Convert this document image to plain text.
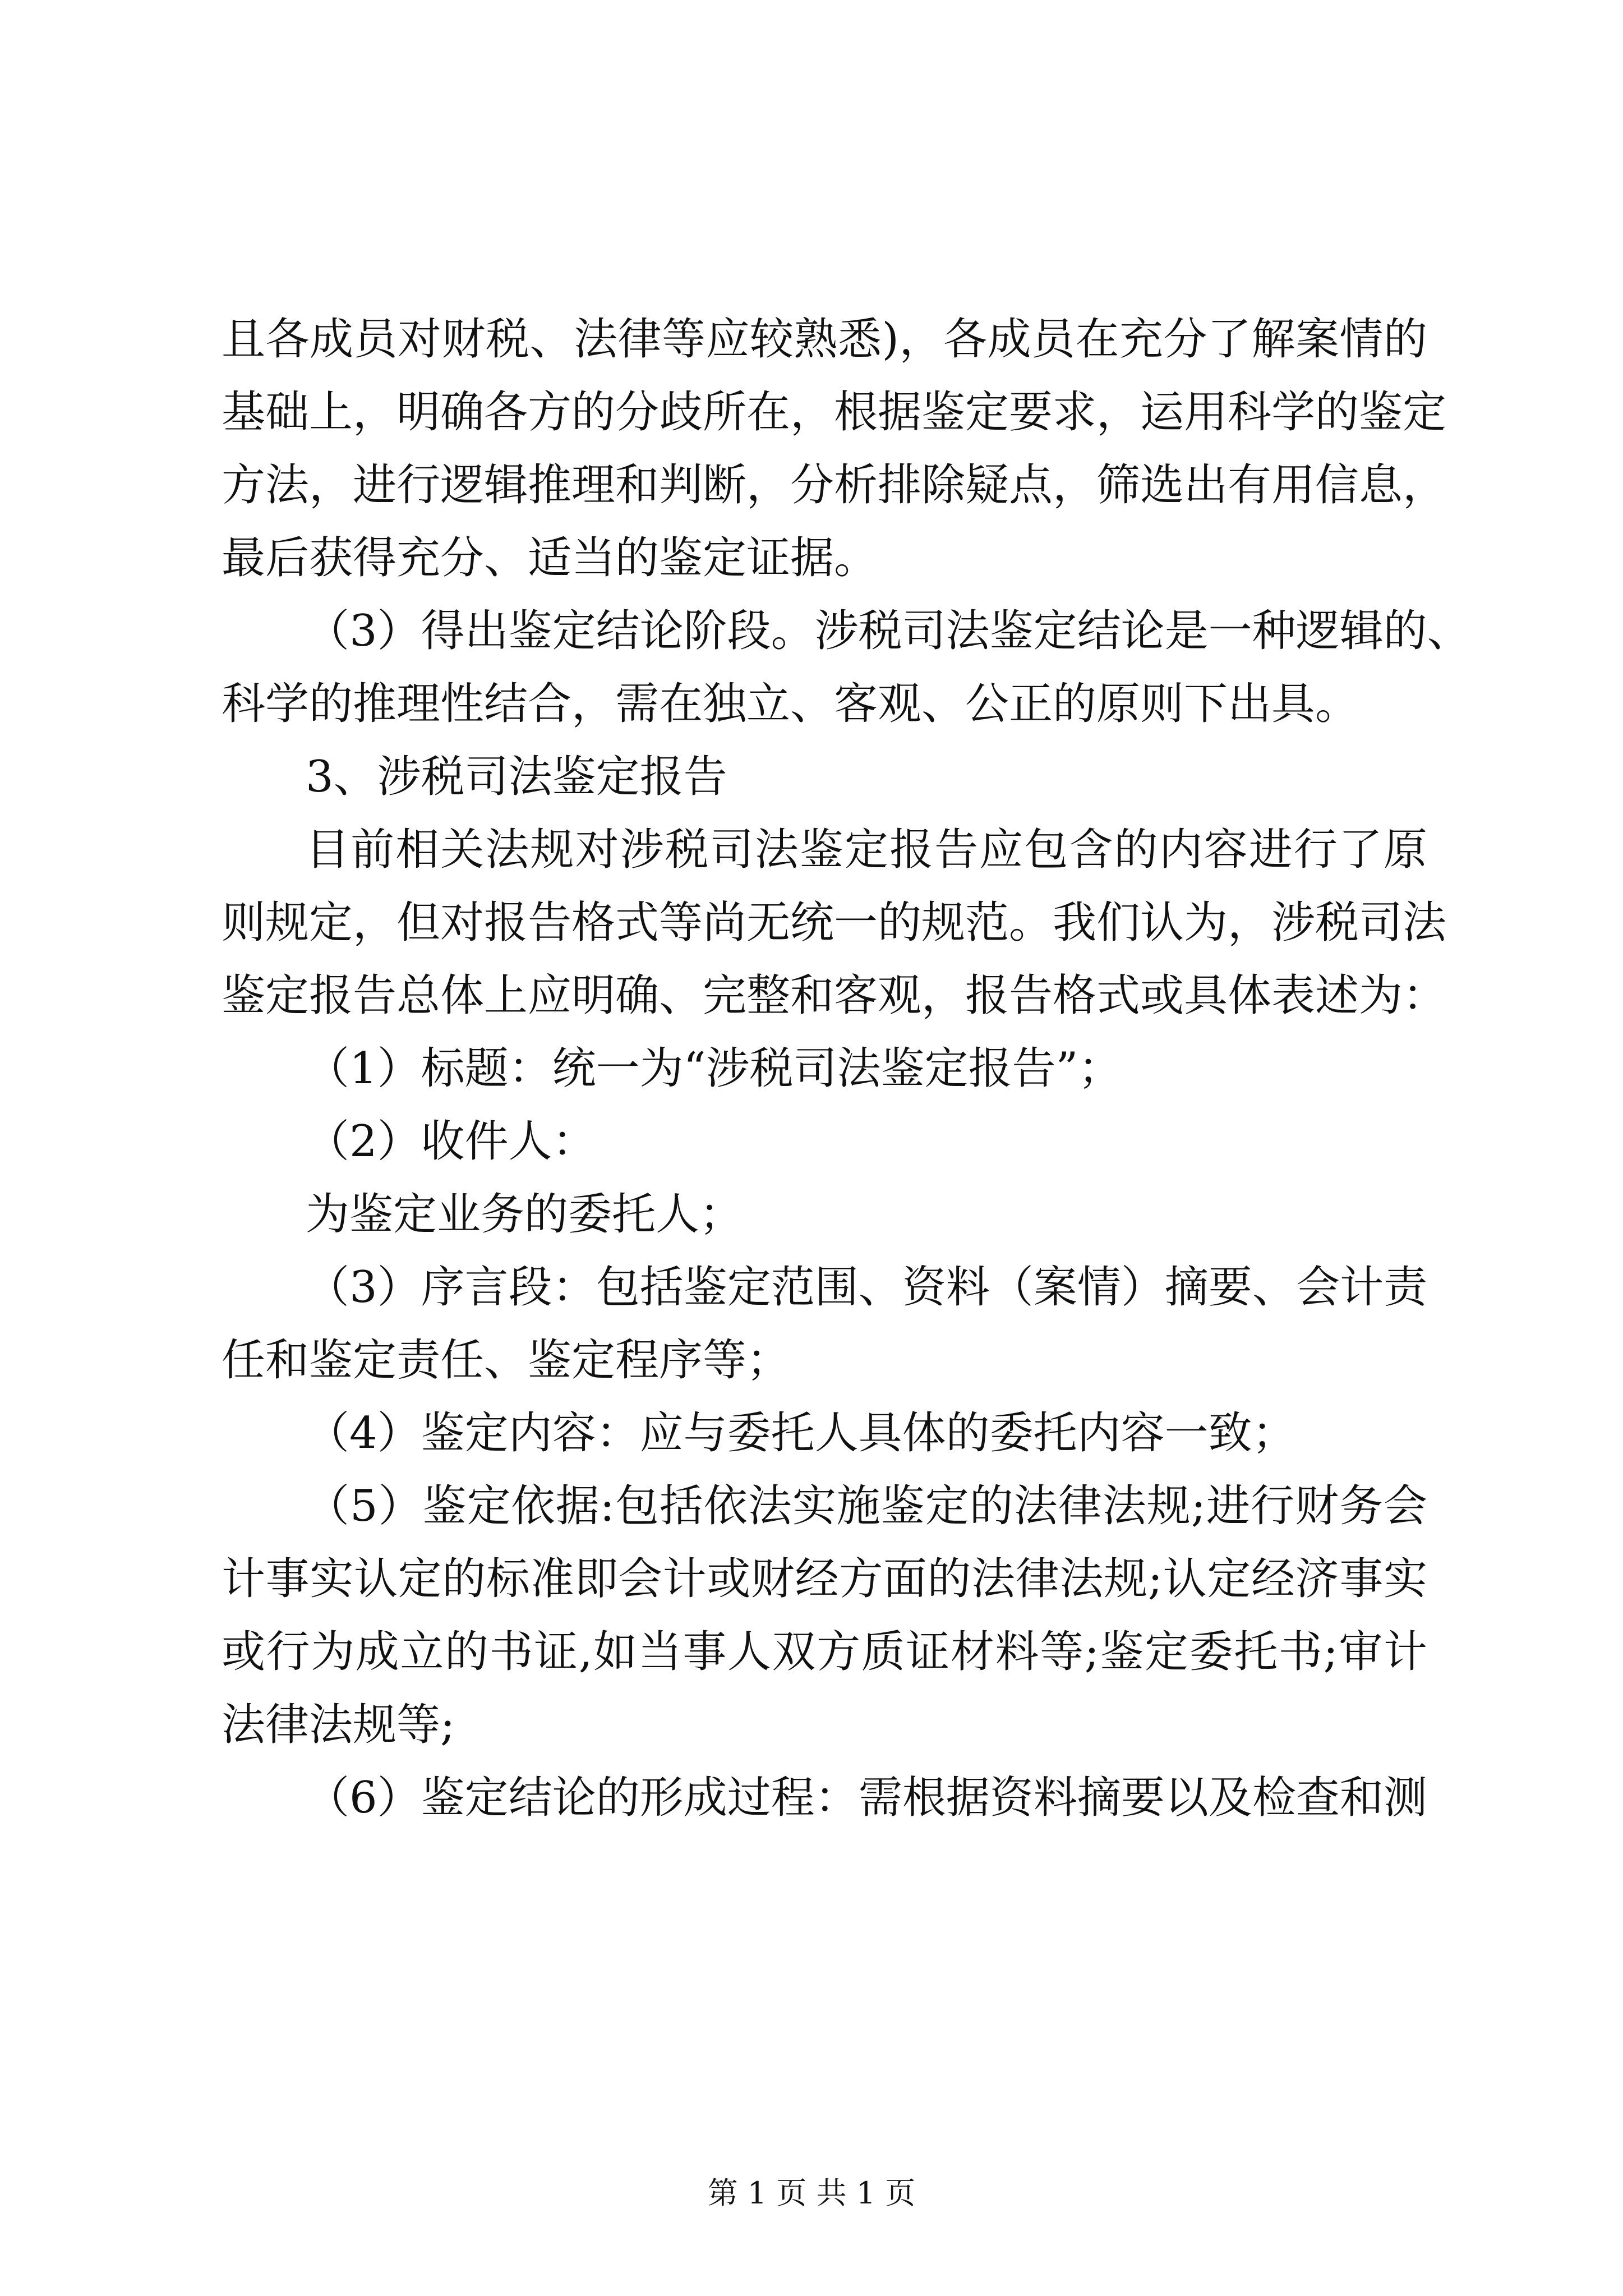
且各成员对财税、法律等应较熟悉)，各成员在充分了解案情的
基础上，明确各方的分歧所在，根据鉴定要求，运用科学的鉴定
方法，进行逻辑推理和判断，分析排除疑点，筛选出有用信息，
最后获得充分、适当的鉴定证据。
（3）得出鉴定结论阶段。涉税司法鉴定结论是一种逻辑的、
科学的推理性结合，需在独立、客观、公正的原则下出具。
3、涉税司法鉴定报告
目前相关法规对涉税司法鉴定报告应包含的内容进行了原
则规定，但对报告格式等尚无统一的规范。我们认为，涉税司法
鉴定报告总体上应明确、完整和客观，报告格式或具体表述为：
（1）标题：统一为“涉税司法鉴定报告”；
（2）收件人：
为鉴定业务的委托人；
（3）序言段：包括鉴定范围、资料（案情）摘要、会计责
任和鉴定责任、鉴定程序等；
（4）鉴定内容：应与委托人具体的委托内容一致；
（5）鉴定依据:包括依法实施鉴定的法律法规;进行财务会
计事实认定的标准即会计或财经方面的法律法规;认定经济事实
或行为成立的书证,如当事人双方质证材料等;鉴定委托书;审计
法律法规等;
（6）鉴定结论的形成过程：需根据资料摘要以及检查和测
第 1 页 共 1 页
